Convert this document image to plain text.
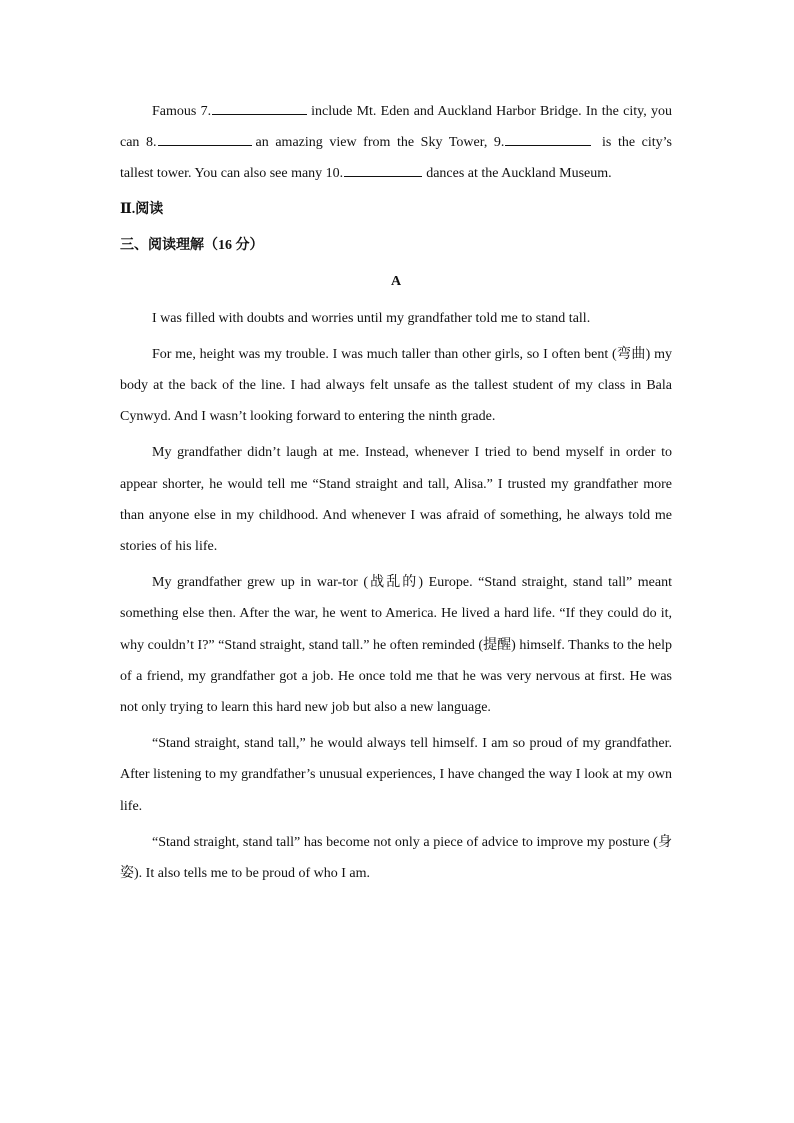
Famous 7.	include Mt. Eden and Auckland Harbor Bridge. In the city, you can 8.	an amazing view from the Sky Tower, 9.	is the city’s tallest tower. You can also see many 10.	dances at the Auckland Museum.

Ⅱ.阅读

三、阅读理解（16 分）

A

I was filled with doubts and worries until my grandfather told me to stand tall.

For me, height was my trouble. I was much taller than other girls, so I often bent (弯曲) my body at the back of the line. I had always felt unsafe as the tallest student of my class in Bala Cynwyd. And I wasn’t looking forward to entering the ninth grade.

My grandfather didn’t laugh at me. Instead, whenever I tried to bend myself in order to appear shorter, he would tell me “Stand straight and tall, Alisa.” I trusted my grandfather more than anyone else in my childhood. And whenever I was afraid of something, he always told me stories of his life.

My grandfather grew up in war-tor (战乱的) Europe. “Stand straight, stand tall” meant something else then. After the war, he went to America. He lived a hard life. “If they could do it, why couldn’t I?” “Stand straight, stand tall.” he often reminded (提醒) himself. Thanks to the help of a friend, my grandfather got a job. He once told me that he was very nervous at first. He was not only trying to learn this hard new job but also a new language.

“Stand straight, stand tall,” he would always tell himself. I am so proud of my grandfather. After listening to my grandfather’s unusual experiences, I have changed the way I look at my own life.

“Stand straight, stand tall” has become not only a piece of advice to improve my posture (身姿). It also tells me to be proud of who I am.
